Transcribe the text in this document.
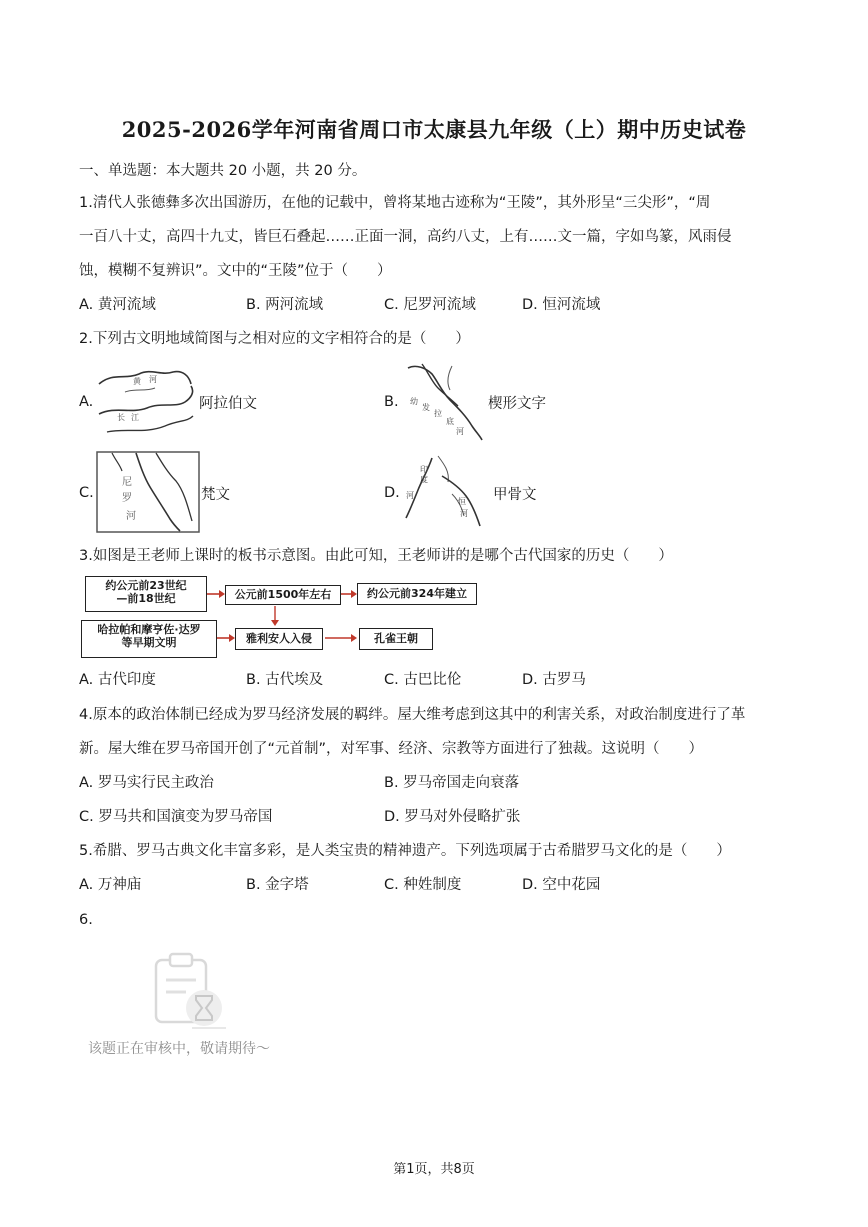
2025-2026学年河南省周口市太康县九年级（上）期中历史试卷
一、单选题：本大题共 20 小题，共 20 分。
1.清代人张德彝多次出国游历，在他的记载中，曾将某地古迹称为“王陵”，其外形呈“三尖形”，“周
一百八十丈，高四十九丈，皆巨石叠起……正面一洞，高约八丈，上有……文一篇，字如鸟篆，风雨侵
蚀，模糊不复辨识”。文中的“王陵”位于（　　）
A. 黄河流域	B. 两河流域	C. 尼罗河流域	D. 恒河流域
2.下列古文明地域简图与之相对应的文字相符合的是（　　）
A.
黄 河
长 江
阿拉伯文	B. 幼
发
拉
底
河
楔形文字
C.
尼
罗
河
梵文	D.
印
度
河
恒
河
甲骨文
3.如图是王老师上课时的板书示意图。由此可知，王老师讲的是哪个古代国家的历史（　　）
约公元前23世纪
—前18世纪	公元前1500年左右	约公元前324年建立
哈拉帕和摩亨佐·达罗
等早期文明	雅利安人入侵	孔雀王朝
A. 古代印度	B. 古代埃及	C. 古巴比伦	D. 古罗马
4.原本的政治体制已经成为罗马经济发展的羁绊。屋大维考虑到这其中的利害关系，对政治制度进行了革
新。屋大维在罗马帝国开创了“元首制”，对军事、经济、宗教等方面进行了独裁。这说明（　　）
A. 罗马实行民主政治	B. 罗马帝国走向衰落
C. 罗马共和国演变为罗马帝国	D. 罗马对外侵略扩张
5.希腊、罗马古典文化丰富多彩，是人类宝贵的精神遗产。下列选项属于古希腊罗马文化的是（　　）
A. 万神庙	B. 金字塔	C. 种姓制度	D. 空中花园
6.
该题正在审核中，敬请期待～
第1页，共8页
